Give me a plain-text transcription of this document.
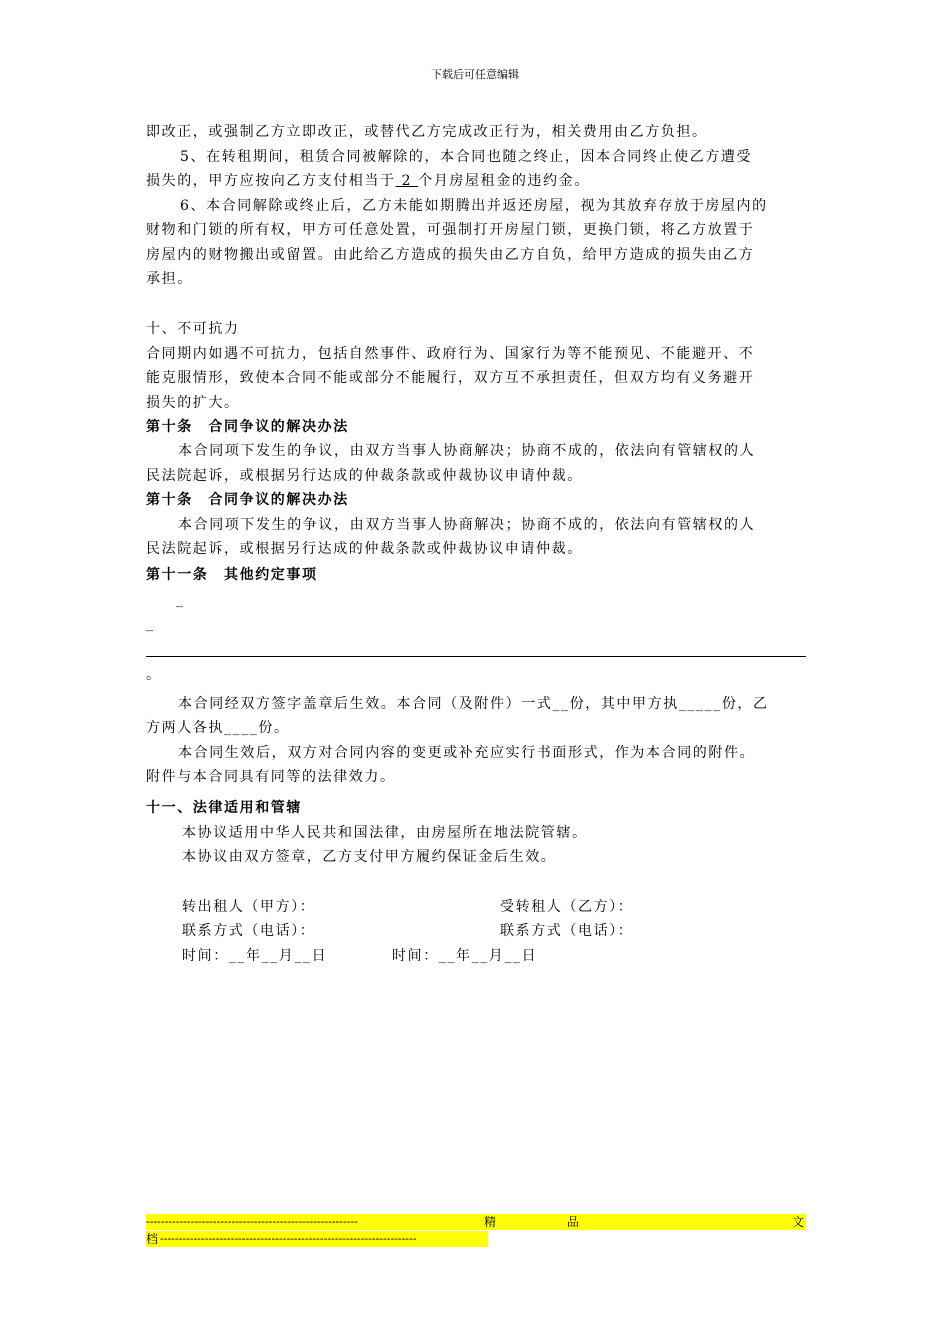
下载后可任意编辑
即改正，或强制乙方立即改正，或替代乙方完成改正行为，相关费用由乙方负担。
5、在转租期间，租赁合同被解除的，本合同也随之终止，因本合同终止使乙方遭受
损失的，甲方应按向乙方支付相当于 2 个月房屋租金的违约金。
6、本合同解除或终止后，乙方未能如期腾出并返还房屋，视为其放弃存放于房屋内的
财物和门锁的所有权，甲方可任意处置，可强制打开房屋门锁，更换门锁，将乙方放置于
房屋内的财物搬出或留置。由此给乙方造成的损失由乙方自负，给甲方造成的损失由乙方
承担。
十、不可抗力
合同期内如遇不可抗力，包括自然事件、政府行为、国家行为等不能预见、不能避开、不
能克服情形，致使本合同不能或部分不能履行，双方互不承担责任，但双方均有义务避开
损失的扩大。
第十条　合同争议的解决办法
本合同项下发生的争议，由双方当事人协商解决；协商不成的，依法向有管辖权的人
民法院起诉，或根据另行达成的仲裁条款或仲裁协议申请仲裁。
第十条　合同争议的解决办法
本合同项下发生的争议，由双方当事人协商解决；协商不成的，依法向有管辖权的人
民法院起诉，或根据另行达成的仲裁条款或仲裁协议申请仲裁。
第十一条　其他约定事项
_
_
。
本合同经双方签字盖章后生效。本合同（及附件）一式__份，其中甲方执_____份，乙
方两人各执____份。
本合同生效后，双方对合同内容的变更或补充应实行书面形式，作为本合同的附件。
附件与本合同具有同等的法律效力。
十一、法律适用和管辖
本协议适用中华人民共和国法律，由房屋所在地法院管辖。
本协议由双方签章，乙方支付甲方履约保证金后生效。
转出租人（甲方）：	受转租人（乙方）：
联系方式（电话）：	联系方式（电话）：
时间：__年__月__日	时间：__年__月__日
---------------------------------------------------------	精	品	文
档 ---------------------------------------------------------------------
